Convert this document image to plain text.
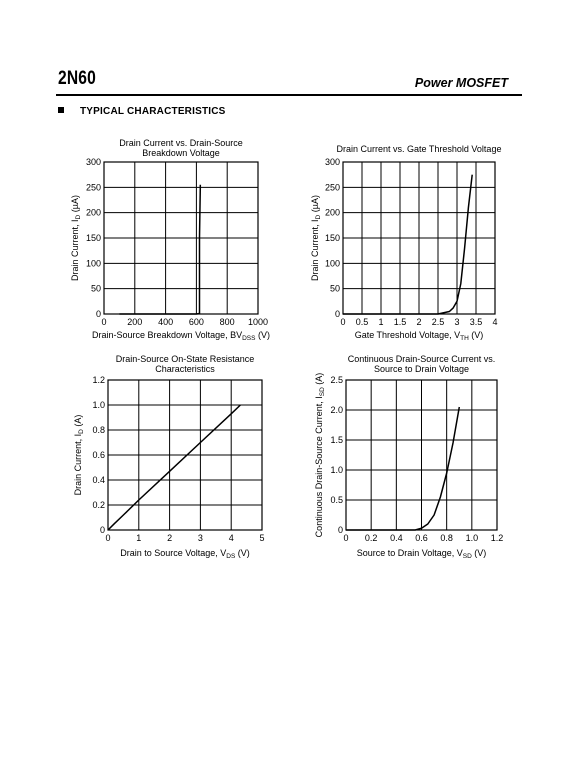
2N60	Power MOSFET
TYPICAL CHARACTERISTICS
0 200 400 600 800 1000
0
50
100
150
200
250
300
Drain Current vs. Drain-Source
Breakdown Voltage
Drain-Source Breakdown Voltage, $BV_{DSS}$ (V)
Drain Current, $I_D$ (µA)
0 0.5 1 1.5 2 2.5 3 3.5 4
0
50
100
150
200
250
300
Drain Current vs. Gate Threshold Voltage
Gate Threshold Voltage, $V_{TH}$ (V)
Drain Current, $I_D$ (µA)
0	1	2	3	4	5
0
0.2
0.4
0.6
0.8
1.0
1.2
Drain-Source On-State Resistance
Characteristics
Drain to Source Voltage, $V_{DS}$ (V)
Drain Current, $I_D$ (A)
0 0.2 0.4 0.6 0.8 1.0 1.2
0
0.5
1.0
1.5
2.0
2.5
Continuous Drain-Source Current vs.
Source to Drain Voltage
Source to Drain Voltage, $V_{SD}$ (V)
Continuous Drain-Source Current, $I_{SD}$ (A)
